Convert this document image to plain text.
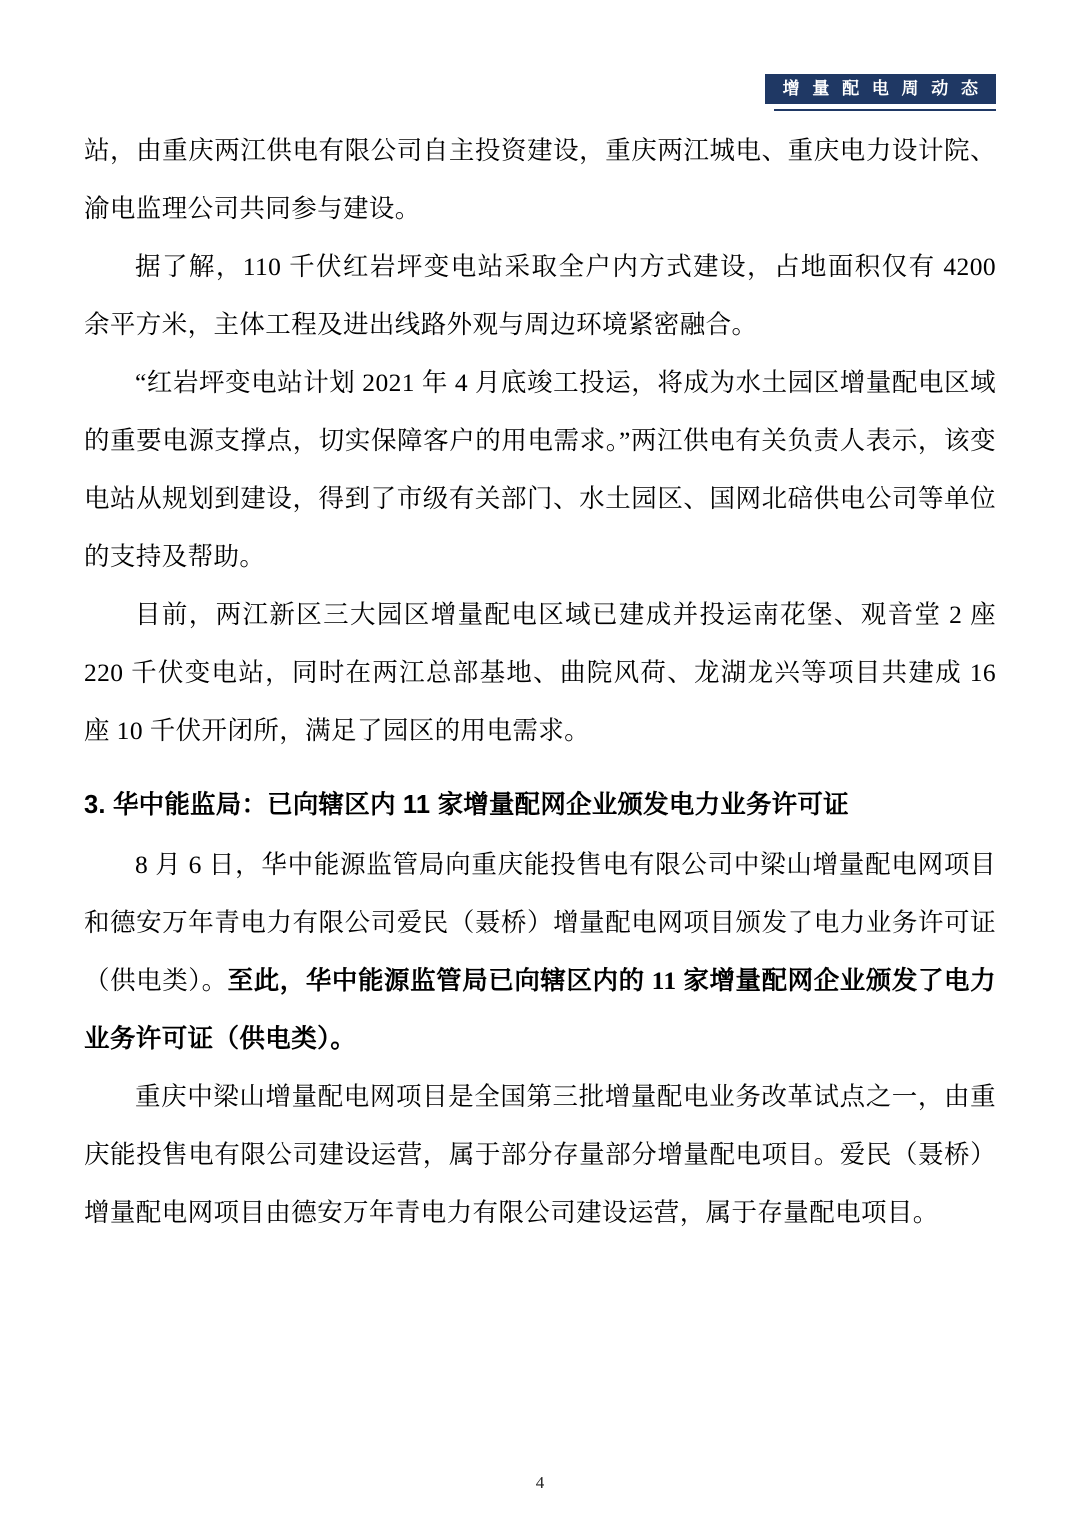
增 量 配 电 周 动 态

站，由重庆两江供电有限公司自主投资建设，重庆两江城电、重庆电力设计院、渝电监理公司共同参与建设。

据了解，110 千伏红岩坪变电站采取全户内方式建设，占地面积仅有 4200 余平方米，主体工程及进出线路外观与周边环境紧密融合。

“红岩坪变电站计划 2021 年 4 月底竣工投运，将成为水土园区增量配电区域的重要电源支撑点，切实保障客户的用电需求。”两江供电有关负责人表示，该变电站从规划到建设，得到了市级有关部门、水土园区、国网北碚供电公司等单位的支持及帮助。

目前，两江新区三大园区增量配电区域已建成并投运南花堡、观音堂 2 座 220 千伏变电站，同时在两江总部基地、曲院风荷、龙湖龙兴等项目共建成 16 座 10 千伏开闭所，满足了园区的用电需求。

3. 华中能监局：已向辖区内 11 家增量配网企业颁发电力业务许可证

8 月 6 日，华中能源监管局向重庆能投售电有限公司中梁山增量配电网项目和德安万年青电力有限公司爱民（聂桥）增量配电网项目颁发了电力业务许可证（供电类）。至此，华中能源监管局已向辖区内的 11 家增量配网企业颁发了电力业务许可证（供电类）。

重庆中梁山增量配电网项目是全国第三批增量配电业务改革试点之一，由重庆能投售电有限公司建设运营，属于部分存量部分增量配电项目。爱民（聂桥）增量配电网项目由德安万年青电力有限公司建设运营，属于存量配电项目。

4
